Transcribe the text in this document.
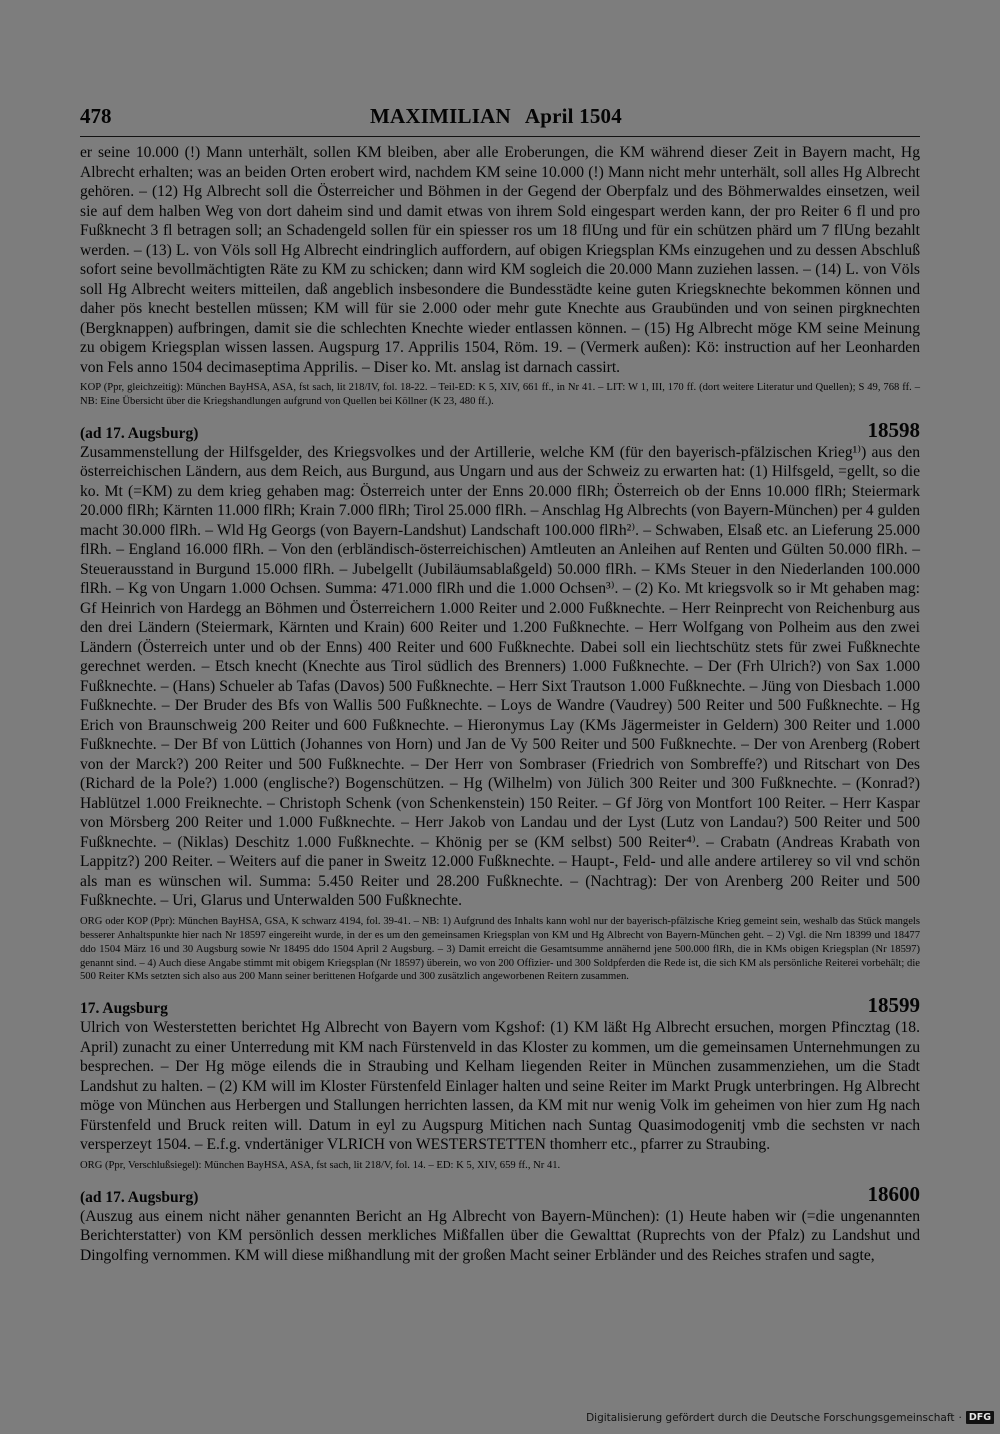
478	MAXIMILIAN April 1504

er seine 10.000 (!) Mann unterhält, sollen KM bleiben, aber alle Eroberungen, die KM während dieser Zeit in Bayern macht, Hg Albrecht erhalten; was an beiden Orten erobert wird, nachdem KM seine 10.000 (!) Mann nicht mehr unterhält, soll alles Hg Albrecht gehören. – (12) Hg Albrecht soll die Österreicher und Böhmen in der Gegend der Oberpfalz und des Böhmerwaldes einsetzen, weil sie auf dem halben Weg von dort daheim sind und damit etwas von ihrem Sold eingespart werden kann, der pro Reiter 6 fl und pro Fußknecht 3 fl betragen soll; an Schadengeld sollen für ein spiesser ros um 18 flUng und für ein schützen phärd um 7 flUng bezahlt werden. – (13) L. von Völs soll Hg Albrecht eindringlich auffordern, auf obigen Kriegsplan KMs einzugehen und zu dessen Abschluß sofort seine bevollmächtigten Räte zu KM zu schicken; dann wird KM sogleich die 20.000 Mann zuziehen lassen. – (14) L. von Völs soll Hg Albrecht weiters mitteilen, daß angeblich insbesondere die Bundesstädte keine guten Kriegsknechte bekommen können und daher pös knecht bestellen müssen; KM will für sie 2.000 oder mehr gute Knechte aus Graubünden und von seinen pirgknechten (Bergknappen) aufbringen, damit sie die schlechten Knechte wieder entlassen können. – (15) Hg Albrecht möge KM seine Meinung zu obigem Kriegsplan wissen lassen. Augspurg 17. Apprilis 1504, Röm. 19. – (Vermerk außen): Kö: instruction auf her Leonharden von Fels anno 1504 decimaseptima Apprilis. – Diser ko. Mt. anslag ist darnach cassirt.

KOP (Ppr, gleichzeitig): München BayHSA, ASA, fst sach, lit 218/IV, fol. 18-22. – Teil-ED: K 5, XIV, 661 ff., in Nr 41. – LIT: W 1, III, 170 ff. (dort weitere Literatur und Quellen); S 49, 768 ff. – NB: Eine Übersicht über die Kriegshandlungen aufgrund von Quellen bei Köllner (K 23, 480 ff.).

(ad 17. Augsburg)	18598

Zusammenstellung der Hilfsgelder, des Kriegsvolkes und der Artillerie, welche KM (für den bayerisch-pfälzischen Krieg¹⁾) aus den österreichischen Ländern, aus dem Reich, aus Burgund, aus Ungarn und aus der Schweiz zu erwarten hat: (1) Hilfsgeld, =gellt, so die ko. Mt (=KM) zu dem krieg gehaben mag: Österreich unter der Enns 20.000 flRh; Österreich ob der Enns 10.000 flRh; Steiermark 20.000 flRh; Kärnten 11.000 flRh; Krain 7.000 flRh; Tirol 25.000 flRh. – Anschlag Hg Albrechts (von Bayern-München) per 4 gulden macht 30.000 flRh. – Wld Hg Georgs (von Bayern-Landshut) Landschaft 100.000 flRh²⁾. – Schwaben, Elsaß etc. an Lieferung 25.000 flRh. – England 16.000 flRh. – Von den (erbländisch-österreichischen) Amtleuten an Anleihen auf Renten und Gülten 50.000 flRh. – Steuerausstand in Burgund 15.000 flRh. – Jubelgellt (Jubiläumsablaßgeld) 50.000 flRh. – KMs Steuer in den Niederlanden 100.000 flRh. – Kg von Ungarn 1.000 Ochsen. Summa: 471.000 flRh und die 1.000 Ochsen³⁾. – (2) Ko. Mt kriegsvolk so ir Mt gehaben mag: Gf Heinrich von Hardegg an Böhmen und Österreichern 1.000 Reiter und 2.000 Fußknechte. – Herr Reinprecht von Reichenburg aus den drei Ländern (Steiermark, Kärnten und Krain) 600 Reiter und 1.200 Fußknechte. – Herr Wolfgang von Polheim aus den zwei Ländern (Österreich unter und ob der Enns) 400 Reiter und 600 Fußknechte. Dabei soll ein liechtschütz stets für zwei Fußknechte gerechnet werden. – Etsch knecht (Knechte aus Tirol südlich des Brenners) 1.000 Fußknechte. – Der (Frh Ulrich?) von Sax 1.000 Fußknechte. – (Hans) Schueler ab Tafas (Davos) 500 Fußknechte. – Herr Sixt Trautson 1.000 Fußknechte. – Jüng von Diesbach 1.000 Fußknechte. – Der Bruder des Bfs von Wallis 500 Fußknechte. – Loys de Wandre (Vaudrey) 500 Reiter und 500 Fußknechte. – Hg Erich von Braunschweig 200 Reiter und 600 Fußknechte. – Hieronymus Lay (KMs Jägermeister in Geldern) 300 Reiter und 1.000 Fußknechte. – Der Bf von Lüttich (Johannes von Horn) und Jan de Vy 500 Reiter und 500 Fußknechte. – Der von Arenberg (Robert von der Marck?) 200 Reiter und 500 Fußknechte. – Der Herr von Sombraser (Friedrich von Sombreffe?) und Ritschart von Des (Richard de la Pole?) 1.000 (englische?) Bogenschützen. – Hg (Wilhelm) von Jülich 300 Reiter und 300 Fußknechte. – (Konrad?) Hablützel 1.000 Freiknechte. – Christoph Schenk (von Schenkenstein) 150 Reiter. – Gf Jörg von Montfort 100 Reiter. – Herr Kaspar von Mörsberg 200 Reiter und 1.000 Fußknechte. – Herr Jakob von Landau und der Lyst (Lutz von Landau?) 500 Reiter und 500 Fußknechte. – (Niklas) Deschitz 1.000 Fußknechte. – Khönig per se (KM selbst) 500 Reiter⁴⁾. – Crabatn (Andreas Krabath von Lappitz?) 200 Reiter. – Weiters auf die paner in Sweitz 12.000 Fußknechte. – Haupt-, Feld- und alle andere artilerey so vil vnd schön als man es wünschen wil. Summa: 5.450 Reiter und 28.200 Fußknechte. – (Nachtrag): Der von Arenberg 200 Reiter und 500 Fußknechte. – Uri, Glarus und Unterwalden 500 Fußknechte.

ORG oder KOP (Ppr): München BayHSA, GSA, K schwarz 4194, fol. 39-41. – NB: 1) Aufgrund des Inhalts kann wohl nur der bayerisch-pfälzische Krieg gemeint sein, weshalb das Stück mangels besserer Anhaltspunkte hier nach Nr 18597 eingereiht wurde, in der es um den gemeinsamen Kriegsplan von KM und Hg Albrecht von Bayern-München geht. – 2) Vgl. die Nrn 18399 und 18477 ddo 1504 März 16 und 30 Augsburg sowie Nr 18495 ddo 1504 April 2 Augsburg. – 3) Damit erreicht die Gesamtsumme annähernd jene 500.000 flRh, die in KMs obigen Kriegsplan (Nr 18597) genannt sind. – 4) Auch diese Angabe stimmt mit obigem Kriegsplan (Nr 18597) überein, wo von 200 Offizier- und 300 Soldpferden die Rede ist, die sich KM als persönliche Reiterei vorbehält; die 500 Reiter KMs setzten sich also aus 200 Mann seiner berittenen Hofgarde und 300 zusätzlich angeworbenen Reitern zusammen.

17. Augsburg	18599

Ulrich von Westerstetten berichtet Hg Albrecht von Bayern vom Kgshof: (1) KM läßt Hg Albrecht ersuchen, morgen Pfincztag (18. April) zunacht zu einer Unterredung mit KM nach Fürstenveld in das Kloster zu kommen, um die gemeinsamen Unternehmungen zu besprechen. – Der Hg möge eilends die in Straubing und Kelham liegenden Reiter in München zusammenziehen, um die Stadt Landshut zu halten. – (2) KM will im Kloster Fürstenfeld Einlager halten und seine Reiter im Markt Prugk unterbringen. Hg Albrecht möge von München aus Herbergen und Stallungen herrichten lassen, da KM mit nur wenig Volk im geheimen von hier zum Hg nach Fürstenfeld und Bruck reiten will. Datum in eyl zu Augspurg Mitichen nach Suntag Quasimodogenitj vmb die sechsten vr nach versperzeyt 1504. – E.f.g. vndertäniger VLRICH von WESTERSTETTEN thomherr etc., pfarrer zu Straubing.

ORG (Ppr, Verschlußsiegel): München BayHSA, ASA, fst sach, lit 218/V, fol. 14. – ED: K 5, XIV, 659 ff., Nr 41.

(ad 17. Augsburg)	18600

(Auszug aus einem nicht näher genannten Bericht an Hg Albrecht von Bayern-München): (1) Heute haben wir (=die ungenannten Berichterstatter) von KM persönlich dessen merkliches Mißfallen über die Gewalttat (Ruprechts von der Pfalz) zu Landshut und Dingolfing vernommen. KM will diese mißhandlung mit der großen Macht seiner Erbländer und des Reiches strafen und sagte,

Digitalisierung gefördert durch die Deutsche Forschungsgemeinschaft · DFG
